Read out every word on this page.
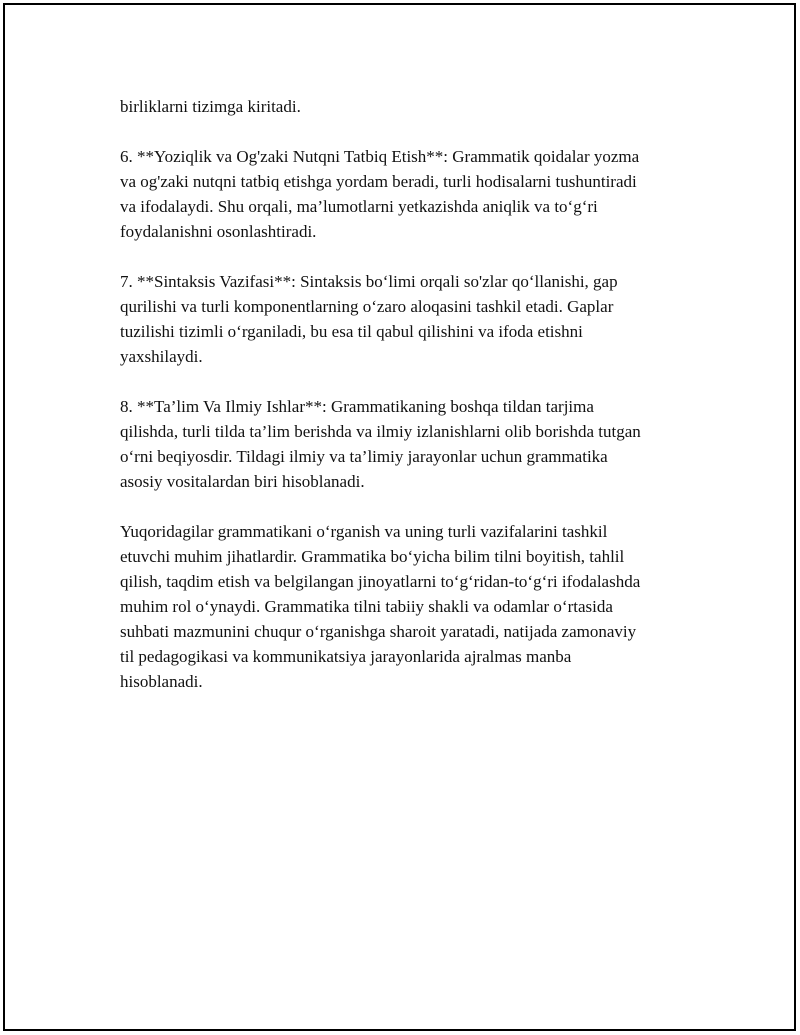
birliklarni tizimga kiritadi.

6. **Yoziqlik va Og'zaki Nutqni Tatbiq Etish**: Grammatik qoidalar yozma
va og'zaki nutqni tatbiq etishga yordam beradi, turli hodisalarni tushuntiradi
va ifodalaydi. Shu orqali, ma’lumotlarni yetkazishda aniqlik va to‘g‘ri
foydalanishni osonlashtiradi.

7. **Sintaksis Vazifasi**: Sintaksis bo‘limi orqali so'zlar qo‘llanishi, gap
qurilishi va turli komponentlarning o‘zaro aloqasini tashkil etadi. Gaplar
tuzilishi tizimli o‘rganiladi, bu esa til qabul qilishini va ifoda etishni
yaxshilaydi.

8. **Ta’lim Va Ilmiy Ishlar**: Grammatikaning boshqa tildan tarjima
qilishda, turli tilda ta’lim berishda va ilmiy izlanishlarni olib borishda tutgan
o‘rni beqiyosdir. Tildagi ilmiy va ta’limiy jarayonlar uchun grammatika
asosiy vositalardan biri hisoblanadi.

Yuqoridagilar grammatikani o‘rganish va uning turli vazifalarini tashkil
etuvchi muhim jihatlardir. Grammatika bo‘yicha bilim tilni boyitish, tahlil
qilish, taqdim etish va belgilangan jinoyatlarni to‘g‘ridan-to‘g‘ri ifodalashda
muhim rol o‘ynaydi. Grammatika tilni tabiiy shakli va odamlar o‘rtasida
suhbati mazmunini chuqur o‘rganishga sharoit yaratadi, natijada zamonaviy
til pedagogikasi va kommunikatsiya jarayonlarida ajralmas manba
hisoblanadi.
